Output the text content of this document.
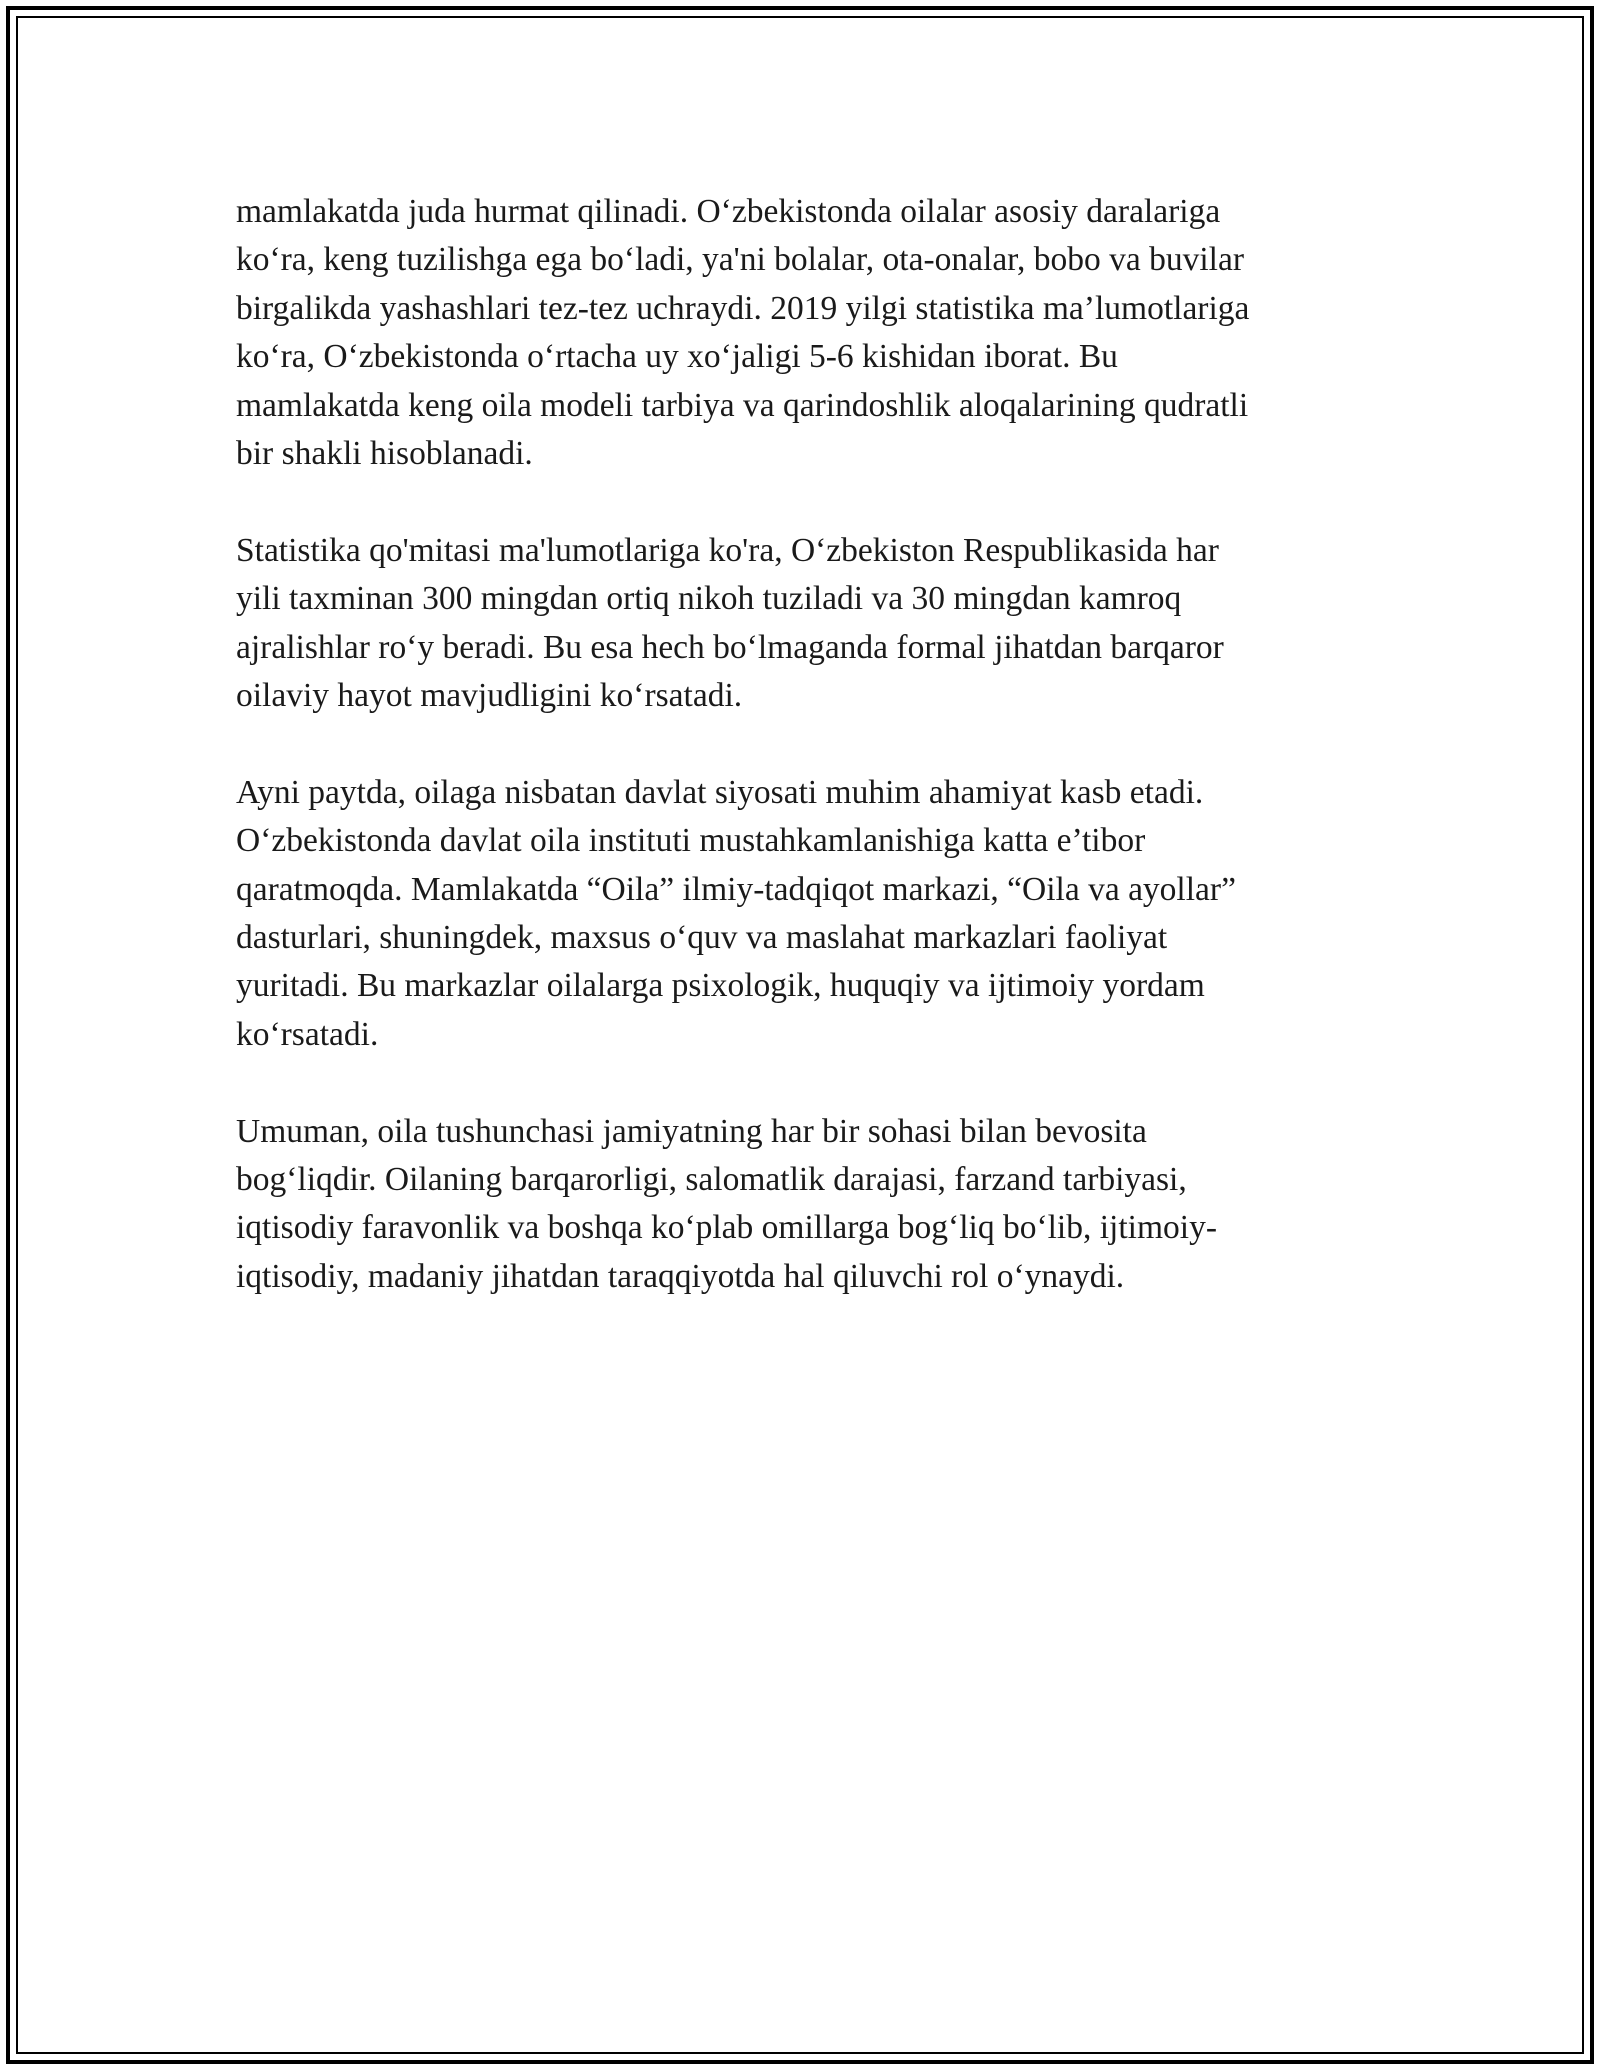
mamlakatda juda hurmat qilinadi. O‘zbekistonda oilalar asosiy daralariga
ko‘ra, keng tuzilishga ega bo‘ladi, ya'ni bolalar, ota-onalar, bobo va buvilar
birgalikda yashashlari tez-tez uchraydi. 2019 yilgi statistika ma’lumotlariga
ko‘ra, O‘zbekistonda o‘rtacha uy xo‘jaligi 5-6 kishidan iborat. Bu
mamlakatda keng oila modeli tarbiya va qarindoshlik aloqalarining qudratli
bir shakli hisoblanadi.

Statistika qo'mitasi ma'lumotlariga ko'ra, O‘zbekiston Respublikasida har
yili taxminan 300 mingdan ortiq nikoh tuziladi va 30 mingdan kamroq
ajralishlar ro‘y beradi. Bu esa hech bo‘lmaganda formal jihatdan barqaror
oilaviy hayot mavjudligini ko‘rsatadi.

Ayni paytda, oilaga nisbatan davlat siyosati muhim ahamiyat kasb etadi.
O‘zbekistonda davlat oila instituti mustahkamlanishiga katta e’tibor
qaratmoqda. Mamlakatda “Oila” ilmiy-tadqiqot markazi, “Oila va ayollar”
dasturlari, shuningdek, maxsus o‘quv va maslahat markazlari faoliyat
yuritadi. Bu markazlar oilalarga psixologik, huquqiy va ijtimoiy yordam
ko‘rsatadi.

Umuman, oila tushunchasi jamiyatning har bir sohasi bilan bevosita
bog‘liqdir. Oilaning barqarorligi, salomatlik darajasi, farzand tarbiyasi,
iqtisodiy faravonlik va boshqa ko‘plab omillarga bog‘liq bo‘lib, ijtimoiy-
iqtisodiy, madaniy jihatdan taraqqiyotda hal qiluvchi rol o‘ynaydi.
